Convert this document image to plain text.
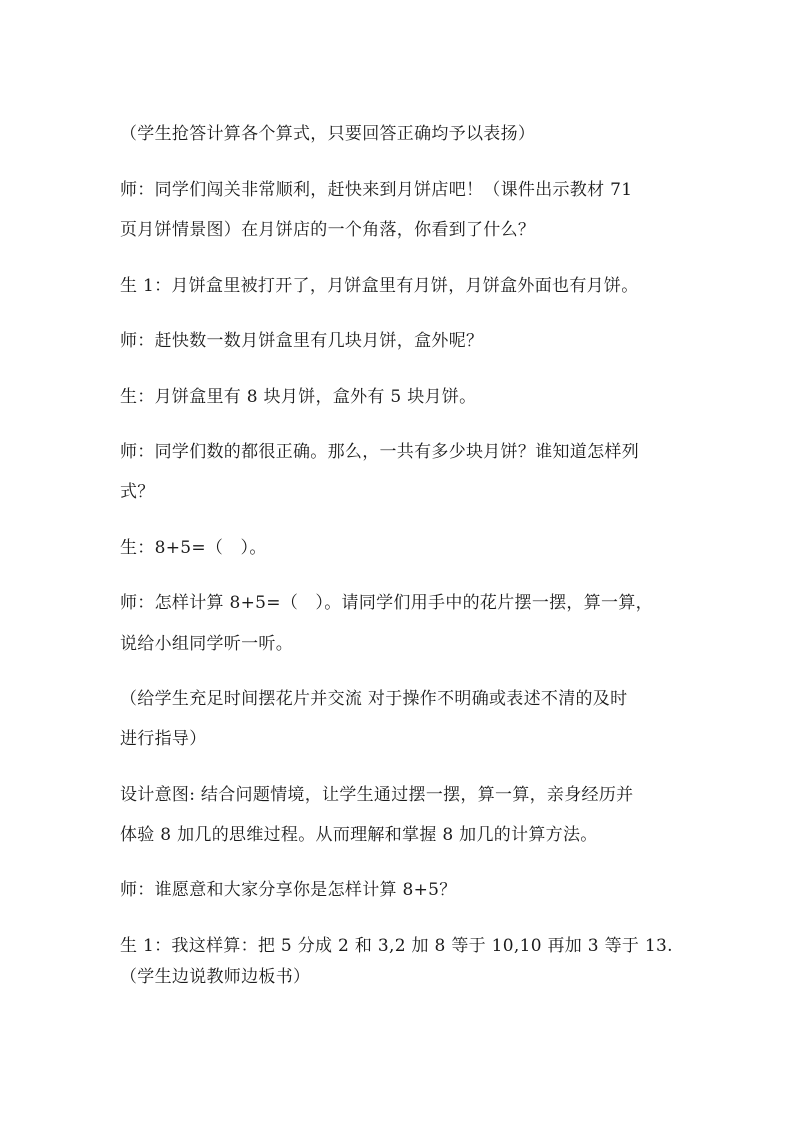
（学生抢答计算各个算式，只要回答正确均予以表扬）

师：同学们闯关非常顺利，赶快来到月饼店吧！（课件出示教材 71

页月饼情景图）在月饼店的一个角落，你看到了什么？

生 1：月饼盒里被打开了，月饼盒里有月饼，月饼盒外面也有月饼。

师：赶快数一数月饼盒里有几块月饼，盒外呢？

生：月饼盒里有 8 块月饼，盒外有 5 块月饼。

师：同学们数的都很正确。那么，一共有多少块月饼？谁知道怎样列

式？

生：8+5=（　）。

师：怎样计算 8+5=（　）。请同学们用手中的花片摆一摆，算一算，

说给小组同学听一听。

（给学生充足时间摆花片并交流 对于操作不明确或表述不清的及时

进行指导）

设计意图: 结合问题情境，让学生通过摆一摆，算一算，亲身经历并

体验 8 加几的思维过程。从而理解和掌握 8 加几的计算方法。

师：谁愿意和大家分享你是怎样计算 8+5？

生 1：我这样算：把 5 分成 2 和 3,2 加 8 等于 10,10 再加 3 等于 13.

（学生边说教师边板书）
